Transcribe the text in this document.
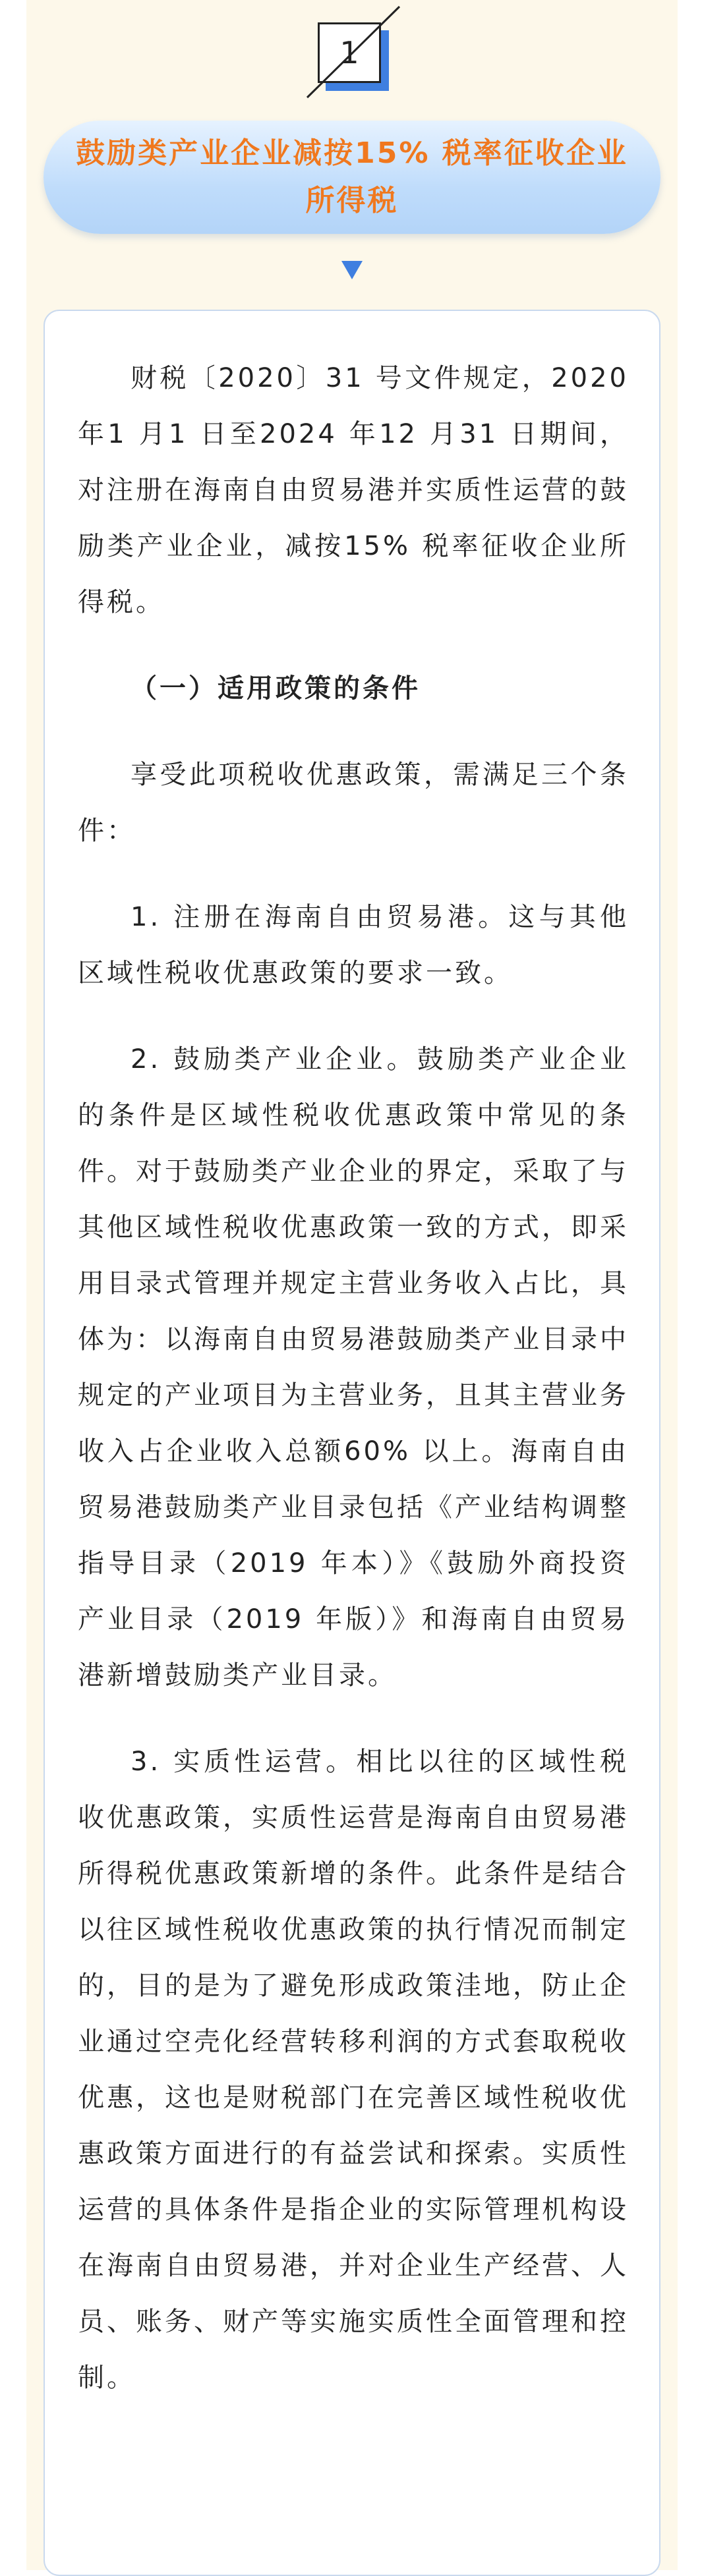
1
鼓励类产业企业减按15% 税率征收企业所得税

财税〔2020〕31 号文件规定，2020 年1 月1 日至2024 年12 月31 日期间，对注册在海南自由贸易港并实质性运营的鼓励类产业企业，减按15% 税率征收企业所得税。

（一）适用政策的条件

享受此项税收优惠政策，需满足三个条件：

1. 注册在海南自由贸易港。这与其他区域性税收优惠政策的要求一致。

2. 鼓励类产业企业。鼓励类产业企业的条件是区域性税收优惠政策中常见的条件。对于鼓励类产业企业的界定，采取了与其他区域性税收优惠政策一致的方式，即采用目录式管理并规定主营业务收入占比，具体为：以海南自由贸易港鼓励类产业目录中规定的产业项目为主营业务，且其主营业务收入占企业收入总额60% 以上。海南自由贸易港鼓励类产业目录包括《产业结构调整指导目录（2019 年本）》《鼓励外商投资产业目录（2019 年版）》和海南自由贸易港新增鼓励类产业目录。

3. 实质性运营。相比以往的区域性税收优惠政策，实质性运营是海南自由贸易港所得税优惠政策新增的条件。此条件是结合以往区域性税收优惠政策的执行情况而制定的，目的是为了避免形成政策洼地，防止企业通过空壳化经营转移利润的方式套取税收优惠，这也是财税部门在完善区域性税收优惠政策方面进行的有益尝试和探索。实质性运营的具体条件是指企业的实际管理机构设在海南自由贸易港，并对企业生产经营、人员、账务、财产等实施实质性全面管理和控制。
